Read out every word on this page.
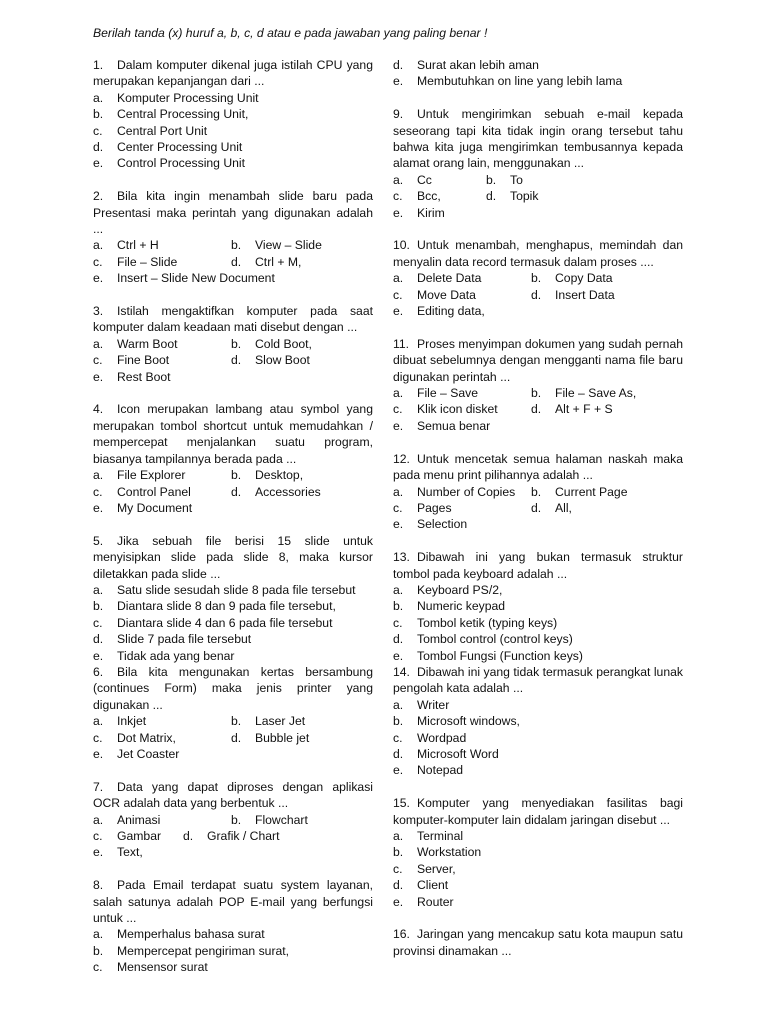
Berilah tanda (x) huruf a, b, c, d atau e pada jawaban yang paling benar !
1. Dalam komputer dikenal juga istilah CPU yang merupakan kepanjangan dari ...
a.	Komputer Processing Unit
b.	Central Processing Unit,
c.	Central Port Unit
d.	Center Processing Unit
e.	Control Processing Unit
2. Bila kita ingin menambah slide baru pada Presentasi maka perintah yang digunakan adalah ...
a.	Ctrl + H	b.	View – Slide
c.	File – Slide	d.	Ctrl + M,
e.	Insert – Slide New Document
3. Istilah mengaktifkan komputer pada saat komputer dalam keadaan mati disebut dengan ...
a.	Warm Boot	b.	Cold Boot,
c.	Fine Boot	d.	Slow Boot
e.	Rest Boot
4. Icon merupakan lambang atau symbol yang merupakan tombol shortcut untuk memudahkan / mempercepat menjalankan suatu program, biasanya tampilannya berada pada ...
a.	File Explorer	b.	Desktop,
c.	Control Panel	d.	Accessories
e.	My Document
5. Jika sebuah file berisi 15 slide untuk menyisipkan slide pada slide 8, maka kursor diletakkan pada slide ...
a.	Satu slide sesudah slide 8 pada file tersebut
b.	Diantara slide 8 dan 9 pada file tersebut,
c.	Diantara slide 4 dan 6 pada file tersebut
d.	Slide 7 pada file tersebut
e.	Tidak ada yang benar
6. Bila kita mengunakan kertas bersambung (continues Form) maka jenis printer yang digunakan ...
a.	Inkjet	b.	Laser Jet
c.	Dot Matrix,	d.	Bubble jet
e.	Jet Coaster
7. Data yang dapat diproses dengan aplikasi OCR adalah data yang berbentuk ...
a.	Animasi	b.	Flowchart
c.	Gambar d.	Grafik / Chart
e.	Text,
8. Pada Email terdapat suatu system layanan, salah satunya adalah POP E-mail yang berfungsi untuk ...
a.	Memperhalus bahasa surat
b.	Mempercepat pengiriman surat,
c.	Mensensor surat
d.	Surat akan lebih aman
e.	Membutuhkan on line yang lebih lama
9. Untuk mengirimkan sebuah e-mail kepada seseorang tapi kita tidak ingin orang tersebut tahu bahwa kita juga mengirimkan tembusannya kepada alamat orang lain, menggunakan ...
a.	Cc	b.	To
c.	Bcc,	d.	Topik
e.	Kirim
10. Untuk menambah, menghapus, memindah dan menyalin data record termasuk dalam proses ....
a.	Delete Data	b.	Copy Data
c.	Move Data	d.	Insert Data
e.	Editing data,
11. Proses menyimpan dokumen yang sudah pernah dibuat sebelumnya dengan mengganti nama file baru digunakan perintah ...
a.	File – Save	b.	File – Save As,
c.	Klik icon disket	d.	Alt + F + S
e.	Semua benar
12. Untuk mencetak semua halaman naskah maka pada menu print pilihannya adalah ...
a.	Number of Copies b.	Current Page
c.	Pages	d.	All,
e.	Selection
13. Dibawah ini yang bukan termasuk struktur tombol pada keyboard adalah ...
a.	Keyboard PS/2,
b.	Numeric keypad
c.	Tombol ketik (typing keys)
d.	Tombol control (control keys)
e.	Tombol Fungsi (Function keys)
14. Dibawah ini yang tidak termasuk perangkat lunak pengolah kata adalah ...
a.	Writer
b.	Microsoft windows,
c.	Wordpad
d.	Microsoft Word
e.	Notepad
15. Komputer yang menyediakan fasilitas bagi komputer-komputer lain didalam jaringan disebut ...
a.	Terminal
b.	Workstation
c.	Server,
d.	Client
e.	Router
16. Jaringan yang mencakup satu kota maupun satu provinsi dinamakan ...
